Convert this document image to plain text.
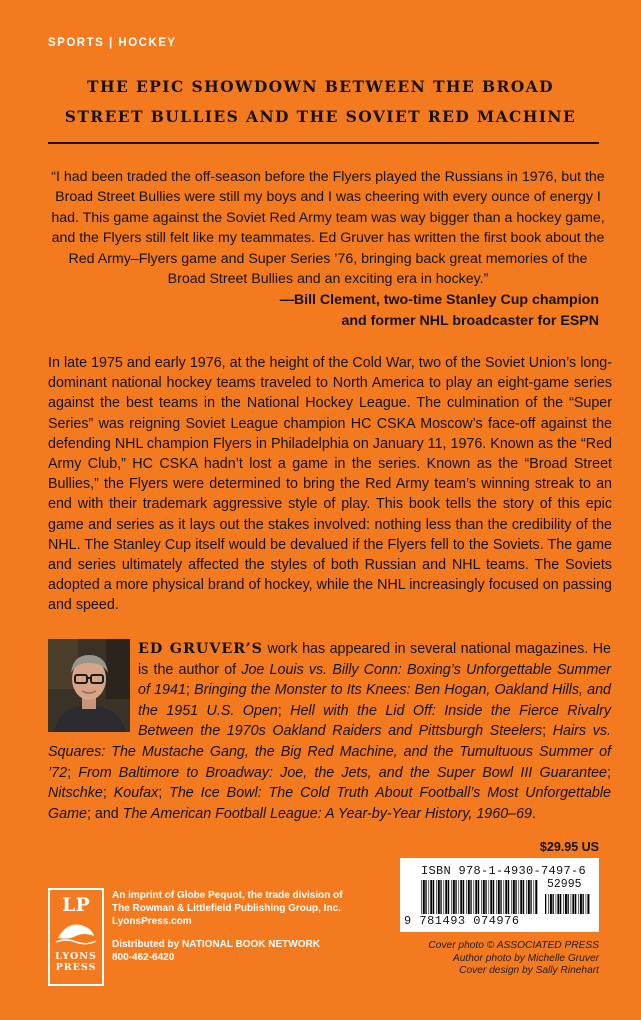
SPORTS | HOCKEY
THE EPIC SHOWDOWN BETWEEN THE BROAD
STREET BULLIES AND THE SOVIET RED MACHINE
“I had been traded the off-season before the Flyers played the Russians in 1976, but the Broad Street Bullies were still my boys and I was cheering with every ounce of energy I had. This game against the Soviet Red Army team was way bigger than a hockey game, and the Flyers still felt like my teammates. Ed Gruver has written the first book about the Red Army–Flyers game and Super Series ’76, bringing back great memories of the Broad Street Bullies and an exciting era in hockey.”
—Bill Clement, two-time Stanley Cup champion
and former NHL broadcaster for ESPN
In late 1975 and early 1976, at the height of the Cold War, two of the Soviet Union’s long-dominant national hockey teams traveled to North America to play an eight-game series against the best teams in the National Hockey League. The culmination of the “Super Series” was reigning Soviet League champion HC CSKA Moscow’s face-off against the defending NHL champion Flyers in Philadelphia on January 11, 1976. Known as the “Red Army Club,” HC CSKA hadn’t lost a game in the series. Known as the “Broad Street Bullies,” the Flyers were determined to bring the Red Army team’s winning streak to an end with their trademark aggressive style of play. This book tells the story of this epic game and series as it lays out the stakes involved: nothing less than the credibility of the NHL. The Stanley Cup itself would be devalued if the Flyers fell to the Soviets. The game and series ultimately affected the styles of both Russian and NHL teams. The Soviets adopted a more physical brand of hockey, while the NHL increasingly focused on passing and speed.
ED GRUVER’S work has appeared in several national magazines. He is the author of Joe Louis vs. Billy Conn: Boxing’s Unforgettable Summer of 1941; Bringing the Monster to Its Knees: Ben Hogan, Oakland Hills, and the 1951 U.S. Open; Hell with the Lid Off: Inside the Fierce Rivalry Between the 1970s Oakland Raiders and Pittsburgh Steelers; Hairs vs. Squares: The Mustache Gang, the Big Red Machine, and the Tumultuous Summer of ’72; From Baltimore to Broadway: Joe, the Jets, and the Super Bowl III Guarantee; Nitschke; Koufax; The Ice Bowl: The Cold Truth About Football’s Most Unforgettable Game; and The American Football League: A Year-by-Year History, 1960–69.
$29.95 US
LP
LYONS
PRESS
An imprint of Globe Pequot, the trade division of
The Rowman & Littlefield Publishing Group, Inc.
LyonsPress.com
Distributed by NATIONAL BOOK NETWORK
800-462-6420
ISBN 978-1-4930-7497-6
52995
9 781493 074976
Cover photo © ASSOCIATED PRESS
Author photo by Michelle Gruver
Cover design by Sally Rinehart
